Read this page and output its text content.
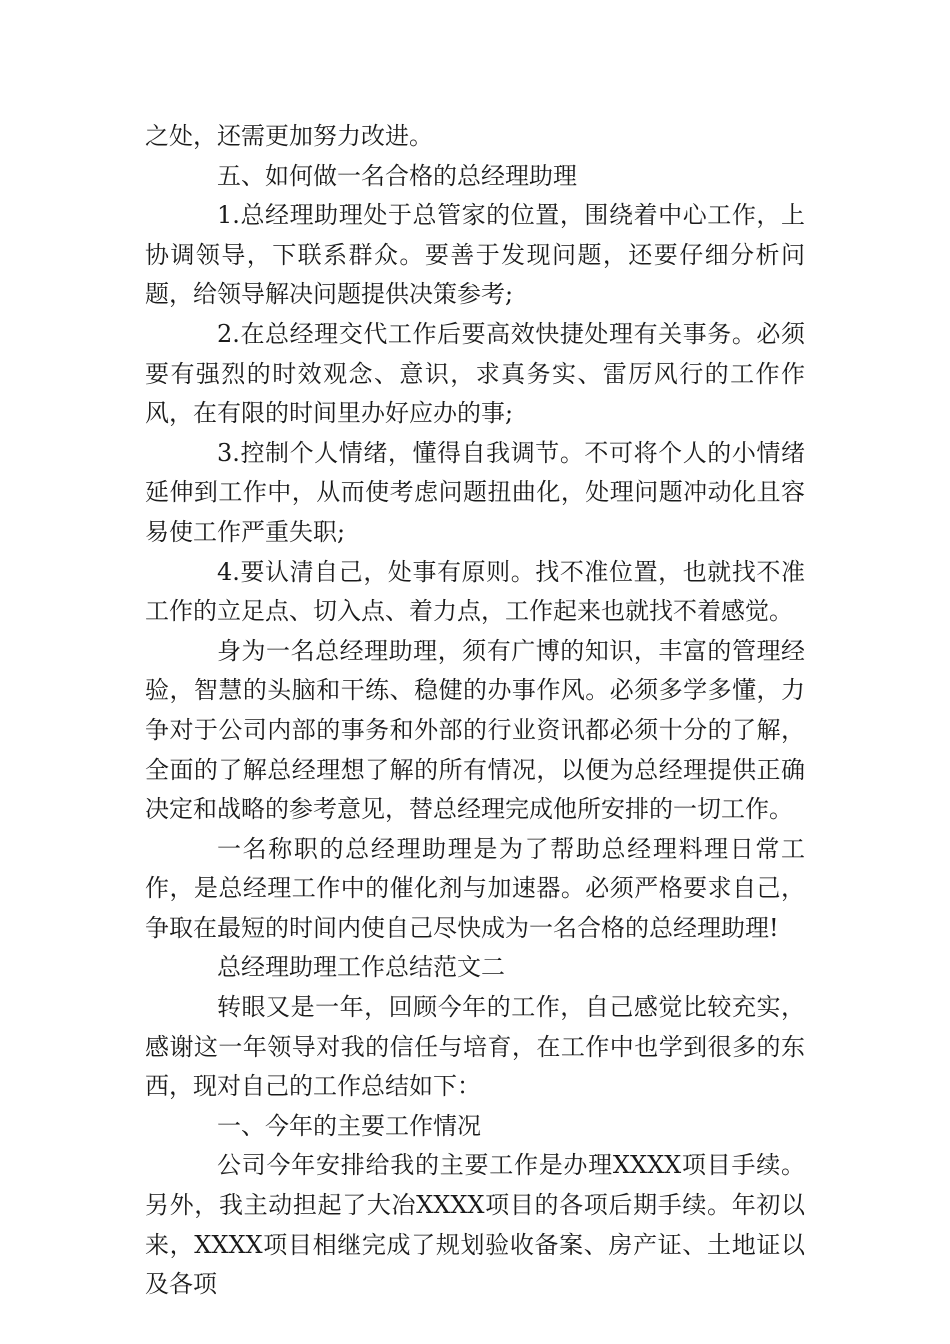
之处，还需更加努力改进。

五、如何做一名合格的总经理助理

1.总经理助理处于总管家的位置，围绕着中心工作，上协调领导，下联系群众。要善于发现问题，还要仔细分析问题，给领导解决问题提供决策参考;

2.在总经理交代工作后要高效快捷处理有关事务。必须要有强烈的时效观念、意识，求真务实、雷厉风行的工作作风，在有限的时间里办好应办的事;

3.控制个人情绪，懂得自我调节。不可将个人的小情绪延伸到工作中，从而使考虑问题扭曲化，处理问题冲动化且容易使工作严重失职;

4.要认清自己，处事有原则。找不准位置，也就找不准工作的立足点、切入点、着力点，工作起来也就找不着感觉。

身为一名总经理助理，须有广博的知识，丰富的管理经验，智慧的头脑和干练、稳健的办事作风。必须多学多懂，力争对于公司内部的事务和外部的行业资讯都必须十分的了解，全面的了解总经理想了解的所有情况，以便为总经理提供正确决定和战略的参考意见，替总经理完成他所安排的一切工作。

一名称职的总经理助理是为了帮助总经理料理日常工作，是总经理工作中的催化剂与加速器。必须严格要求自己，争取在最短的时间内使自己尽快成为一名合格的总经理助理!

总经理助理工作总结范文二

转眼又是一年，回顾今年的工作，自己感觉比较充实，感谢这一年领导对我的信任与培育，在工作中也学到很多的东西，现对自己的工作总结如下：

一、今年的主要工作情况

公司今年安排给我的主要工作是办理XXXX项目手续。另外，我主动担起了大冶XXXX项目的各项后期手续。年初以来，XXXX项目相继完成了规划验收备案、房产证、土地证以及各项
